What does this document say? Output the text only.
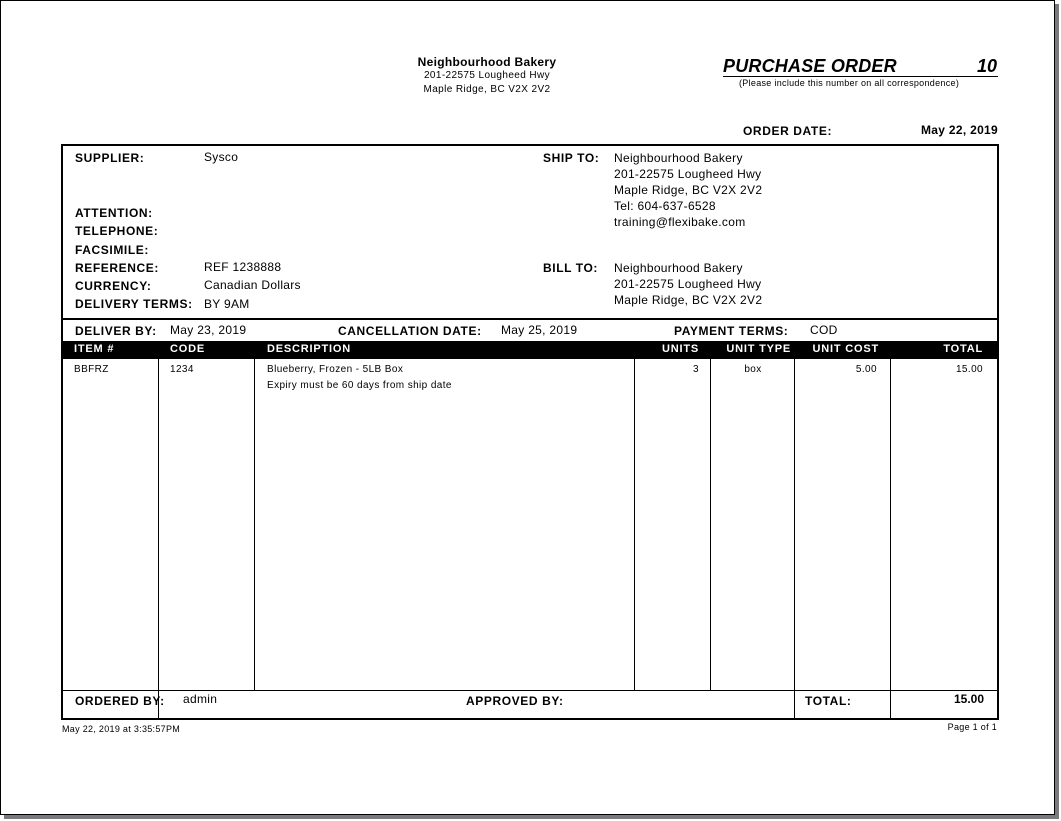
Neighbourhood Bakery
201-22575 Lougheed Hwy
Maple Ridge, BC V2X 2V2
PURCHASE ORDER	10
(Please include this number on all correspondence)
ORDER DATE:	May 22, 2019
SUPPLIER:	Sysco
ATTENTION:
TELEPHONE:
FACSIMILE:
REFERENCE:	REF 1238888
CURRENCY:	Canadian Dollars
DELIVERY TERMS: BY 9AM
SHIP TO: Neighbourhood Bakery
201-22575 Lougheed Hwy
Maple Ridge, BC V2X 2V2
Tel: 604-637-6528
training@flexibake.com
BILL TO: Neighbourhood Bakery
201-22575 Lougheed Hwy
Maple Ridge, BC V2X 2V2
DELIVER BY: May 23, 2019	CANCELLATION DATE: May 25, 2019	PAYMENT TERMS: COD
ITEM #	CODE	DESCRIPTION	UNITS	UNIT TYPE	UNIT COST	TOTAL
BBFRZ	1234	Blueberry, Frozen - 5LB Box
Expiry must be 60 days from ship date
3	box	5.00	15.00
ORDERED BY: admin	APPROVED BY:	TOTAL:	15.00
May 22, 2019 at 3:35:57PM	Page 1 of 1
